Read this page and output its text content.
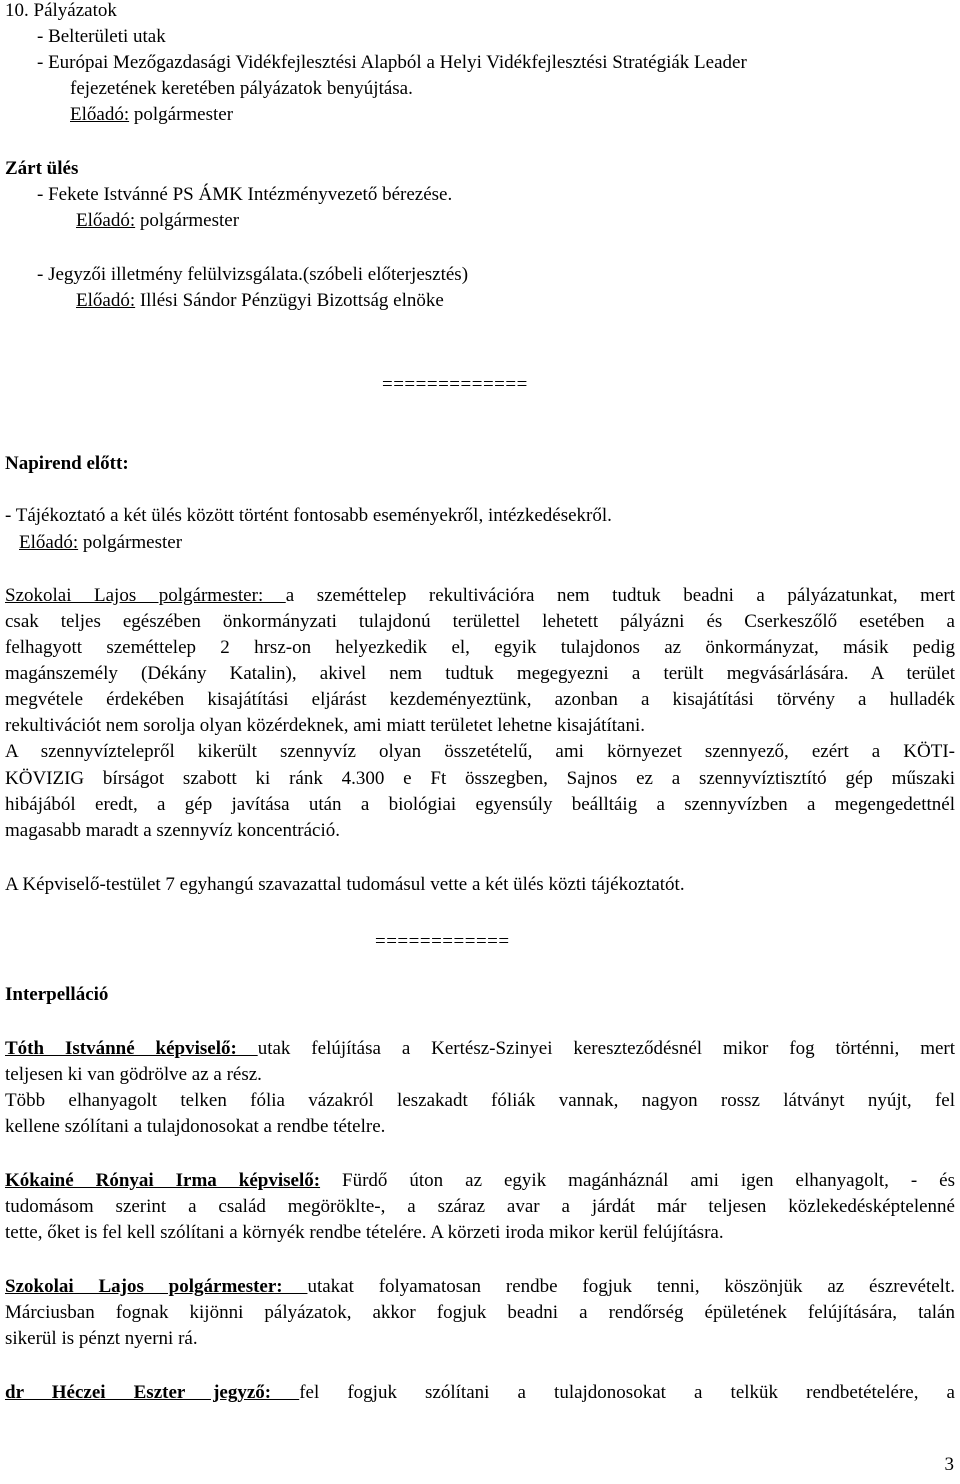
10. Pályázatok
- Belterületi utak
- Európai Mezőgazdasági Vidékfejlesztési Alapból a Helyi Vidékfejlesztési Stratégiák Leader
fejezetének keretében pályázatok benyújtása.
Előadó: polgármester
Zárt ülés
- Fekete Istvánné PS ÁMK Intézményvezető bérezése.
Előadó: polgármester
- Jegyzői illetmény felülvizsgálata.(szóbeli előterjesztés)
Előadó: Illési Sándor Pénzügyi Bizottság elnöke
=============
Napirend előtt:
- Tájékoztató a két ülés között történt fontosabb eseményekről, intézkedésekről.
Előadó: polgármester
Szokolai Lajos polgármester: a szeméttelep rekultivációra nem tudtuk beadni a pályázatunkat, mert
csak teljes egészében önkormányzati tulajdonú területtel lehetett pályázni és Cserkeszőlő esetében a
felhagyott szeméttelep 2 hrsz-on helyezkedik el, egyik tulajdonos az önkormányzat, másik pedig
magánszemély (Dékány Katalin), akivel nem tudtuk megegyezni a terült megvásárlására. A terület
megvétele érdekében kisajátítási eljárást kezdeményeztünk, azonban a kisajátítási törvény a hulladék
rekultivációt nem sorolja olyan közérdeknek, ami miatt területet lehetne kisajátítani.
A szennyvíztelepről kikerült szennyvíz olyan összetételű, ami környezet szennyező, ezért a KÖTI-
KÖVIZIG bírságot szabott ki ránk 4.300 e Ft összegben, Sajnos ez a szennyvíztisztító gép műszaki
hibájából eredt, a gép javítása után a biológiai egyensúly beálltáig a szennyvízben a megengedettnél
magasabb maradt a szennyvíz koncentráció.
A Képviselő-testület 7 egyhangú szavazattal tudomásul vette a két ülés közti tájékoztatót.
============
Interpelláció
Tóth Istvánné képviselő: utak felújítása a Kertész-Szinyei kereszteződésnél mikor fog történni, mert
teljesen ki van gödrölve az a rész.
Több elhanyagolt telken fólia vázakról leszakadt fóliák vannak, nagyon rossz látványt nyújt, fel
kellene szólítani a tulajdonosokat a rendbe tételre.
Kókainé Rónyai Irma képviselő: Fürdő úton az egyik magánháznál ami igen elhanyagolt, - és
tudomásom szerint a család megöröklte-, a száraz avar a járdát már teljesen közlekedésképtelenné
tette, őket is fel kell szólítani a környék rendbe tételére. A körzeti iroda mikor kerül felújításra.
Szokolai Lajos polgármester: utakat folyamatosan rendbe fogjuk tenni, köszönjük az észrevételt.
Márciusban fognak kijönni pályázatok, akkor fogjuk beadni a rendőrség épületének felújítására, talán
sikerül is pénzt nyerni rá.
dr Héczei Eszter jegyző: fel fogjuk szólítani a tulajdonosokat a telkük rendbetételére, a
3
